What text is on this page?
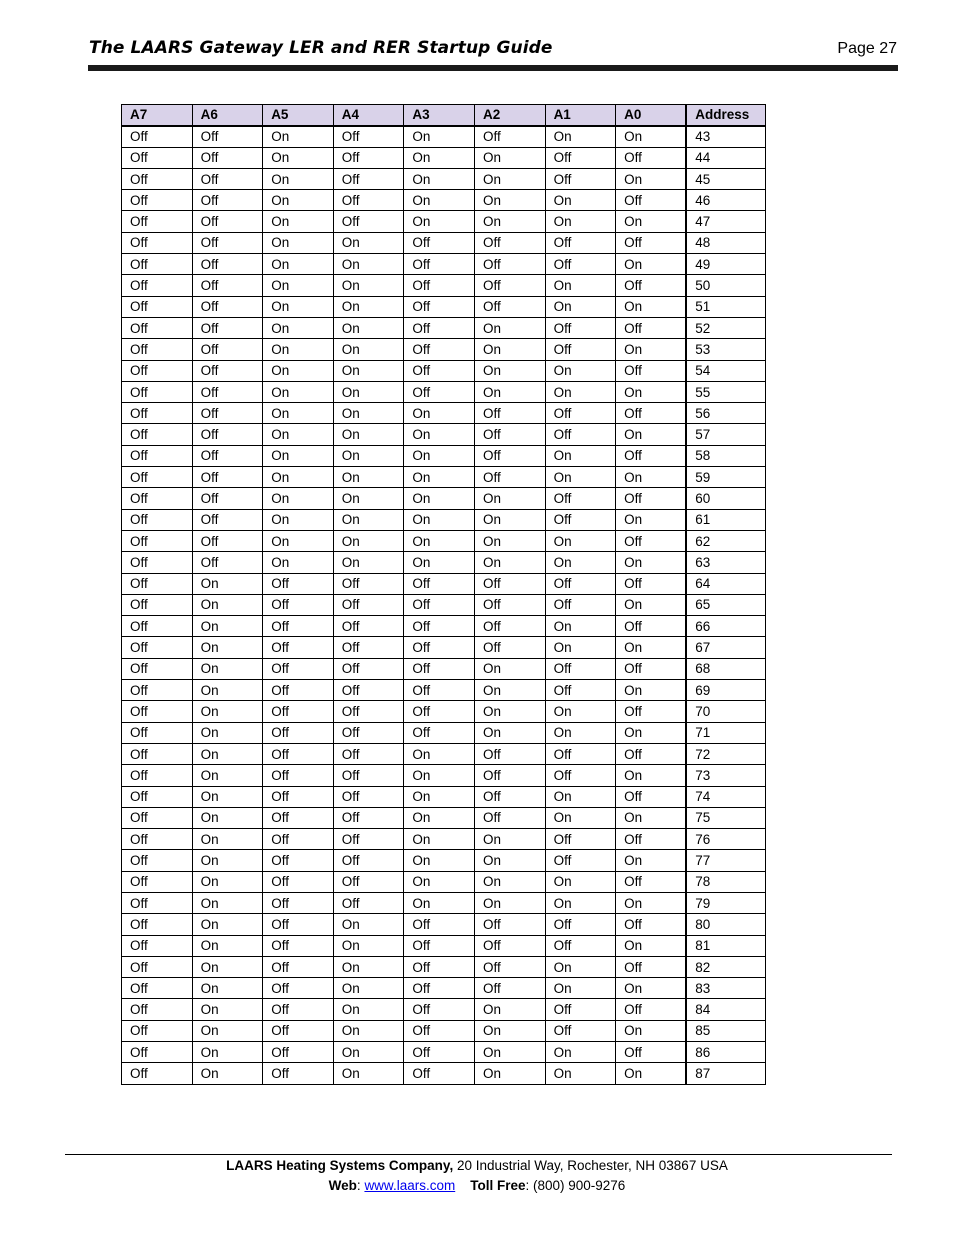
The LAARS Gateway LER and RER Startup Guide	Page 27
A7	A6	A5	A4	A3	A2	A1	A0	Address
Off	Off	On	Off	On	Off	On	On	43
Off	Off	On	Off	On	On	Off	Off	44
Off	Off	On	Off	On	On	Off	On	45
Off	Off	On	Off	On	On	On	Off	46
Off	Off	On	Off	On	On	On	On	47
Off	Off	On	On	Off	Off	Off	Off	48
Off	Off	On	On	Off	Off	Off	On	49
Off	Off	On	On	Off	Off	On	Off	50
Off	Off	On	On	Off	Off	On	On	51
Off	Off	On	On	Off	On	Off	Off	52
Off	Off	On	On	Off	On	Off	On	53
Off	Off	On	On	Off	On	On	Off	54
Off	Off	On	On	Off	On	On	On	55
Off	Off	On	On	On	Off	Off	Off	56
Off	Off	On	On	On	Off	Off	On	57
Off	Off	On	On	On	Off	On	Off	58
Off	Off	On	On	On	Off	On	On	59
Off	Off	On	On	On	On	Off	Off	60
Off	Off	On	On	On	On	Off	On	61
Off	Off	On	On	On	On	On	Off	62
Off	Off	On	On	On	On	On	On	63
Off	On	Off	Off	Off	Off	Off	Off	64
Off	On	Off	Off	Off	Off	Off	On	65
Off	On	Off	Off	Off	Off	On	Off	66
Off	On	Off	Off	Off	Off	On	On	67
Off	On	Off	Off	Off	On	Off	Off	68
Off	On	Off	Off	Off	On	Off	On	69
Off	On	Off	Off	Off	On	On	Off	70
Off	On	Off	Off	Off	On	On	On	71
Off	On	Off	Off	On	Off	Off	Off	72
Off	On	Off	Off	On	Off	Off	On	73
Off	On	Off	Off	On	Off	On	Off	74
Off	On	Off	Off	On	Off	On	On	75
Off	On	Off	Off	On	On	Off	Off	76
Off	On	Off	Off	On	On	Off	On	77
Off	On	Off	Off	On	On	On	Off	78
Off	On	Off	Off	On	On	On	On	79
Off	On	Off	On	Off	Off	Off	Off	80
Off	On	Off	On	Off	Off	Off	On	81
Off	On	Off	On	Off	Off	On	Off	82
Off	On	Off	On	Off	Off	On	On	83
Off	On	Off	On	Off	On	Off	Off	84
Off	On	Off	On	Off	On	Off	On	85
Off	On	Off	On	Off	On	On	Off	86
Off	On	Off	On	Off	On	On	On	87
LAARS Heating Systems Company, 20 Industrial Way, Rochester, NH 03867 USA
Web: www.laars.com Toll Free: (800) 900-9276
